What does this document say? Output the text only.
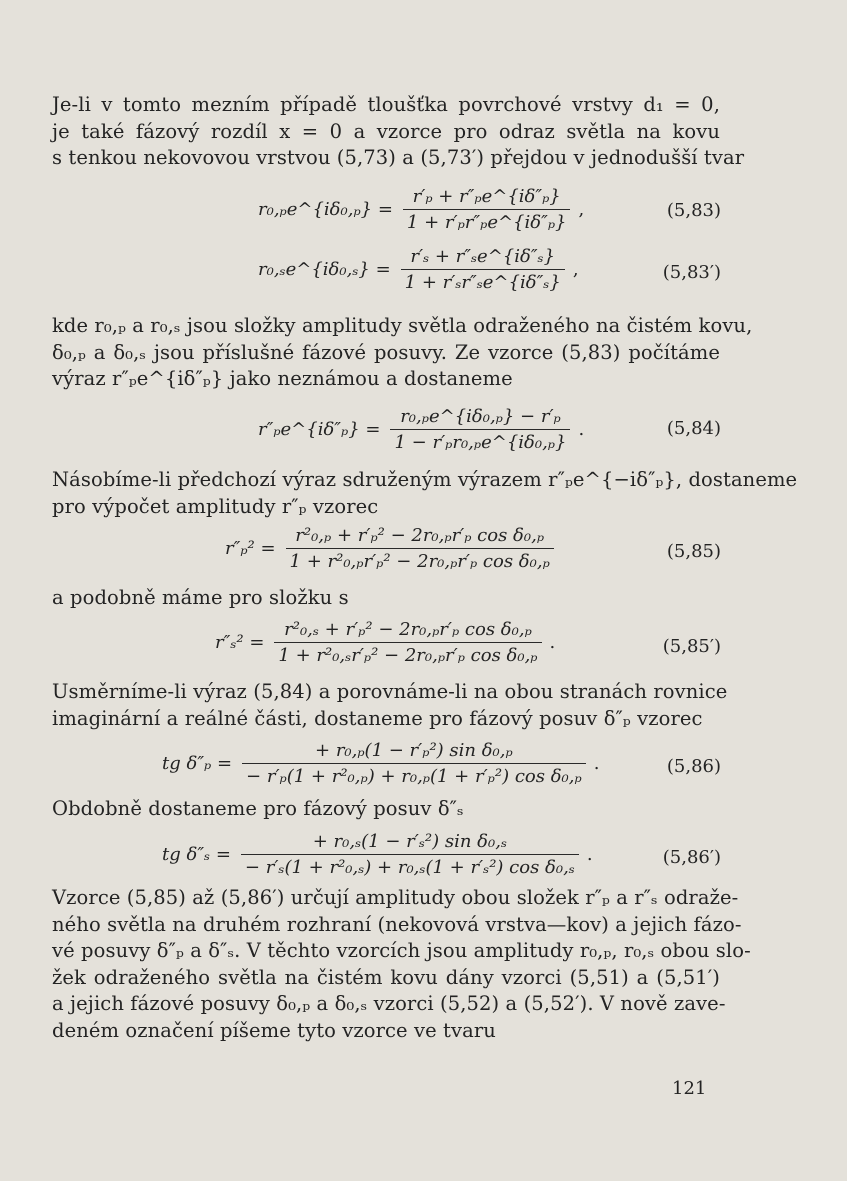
Je-li v tomto mezním případě tloušťka povrchové vrstvy d₁ = 0,
je také fázový rozdíl x = 0 a vzorce pro odraz světla na kovu
s tenkou nekovovou vrstvou (5,73) a (5,73′) přejdou v jednodušší tvar
r₀,ₚe^{iδ₀,ₚ} = $\frac{\text{r′ₚ + r″ₚe\textasciicircum{}\{iδ″ₚ\}}}{\text{1 + r′ₚr″ₚe\textasciicircum{}\{iδ″ₚ\}}}$ ,	(5,83)
r₀,ₛe^{iδ₀,ₛ} = $\frac{\text{r′ₛ + r″ₛe\textasciicircum{}\{iδ″ₛ\}}}{\text{1 + r′ₛr″ₛe\textasciicircum{}\{iδ″ₛ\}}}$ ,	(5,83′)
kde r₀,ₚ a r₀,ₛ jsou složky amplitudy světla odraženého na čistém kovu,
δ₀,ₚ a δ₀,ₛ jsou příslušné fázové posuvy. Ze vzorce (5,83) počítáme
výraz r″ₚe^{iδ″ₚ} jako neznámou a dostaneme
r″ₚe^{iδ″ₚ} = $\frac{\text{r₀,ₚe\textasciicircum{}\{iδ₀,ₚ\} − r′ₚ}}{\text{1 − r′ₚr₀,ₚe\textasciicircum{}\{iδ₀,ₚ\}}}$ .	(5,84)
Násobíme-li předchozí výraz sdruženým výrazem r″ₚe^{−iδ″ₚ}, dostaneme
pro výpočet amplitudy r″ₚ vzorec
$r''_p^2 = \frac{\text{r²₀,ₚ + r′ₚ² − 2r₀,ₚr′ₚ cos δ₀,ₚ}}{\text{1 + r²₀,ₚr′ₚ² − 2r₀,ₚr′ₚ cos δ₀,ₚ}}$	(5,85)
a podobně máme pro složku s
$r''_s^2 = \frac{\text{r²₀,ₛ + r′ₚ² − 2r₀,ₚr′ₚ cos δ₀,ₚ}}{\text{1 + r²₀,ₛr′ₚ² − 2r₀,ₚr′ₚ cos δ₀,ₚ}}$ .	(5,85′)
Usměrníme-li výraz (5,84) a porovnáme-li na obou stranách rovnice
imaginární a reálné části, dostaneme pro fázový posuv δ″ₚ vzorec
tg $\delta''_p = \frac{\text{+ r₀,ₚ(1 − r′ₚ²) sin δ₀,ₚ}}{\text{− r′ₚ(1 + r²₀,ₚ) + r₀,ₚ(1 + r′ₚ²) cos δ₀,ₚ}}$ .	(5,86)
Obdobně dostaneme pro fázový posuv δ″ₛ
tg $\delta''_s = \frac{\text{+ r₀,ₛ(1 − r′ₛ²) sin δ₀,ₛ}}{\text{− r′ₛ(1 + r²₀,ₛ) + r₀,ₛ(1 + r′ₛ²) cos δ₀,ₛ}}$ .	(5,86′)
Vzorce (5,85) až (5,86′) určují amplitudy obou složek r″ₚ a r″ₛ odraže-
ného světla na druhém rozhraní (nekovová vrstva—kov) a jejich fázo-
vé posuvy δ″ₚ a δ″ₛ. V těchto vzorcích jsou amplitudy r₀,ₚ, r₀,ₛ obou slo-
žek odraženého světla na čistém kovu dány vzorci (5,51) a (5,51′)
a jejich fázové posuvy δ₀,ₚ a δ₀,ₛ vzorci (5,52) a (5,52′). V nově zave-
deném označení píšeme tyto vzorce ve tvaru
121
